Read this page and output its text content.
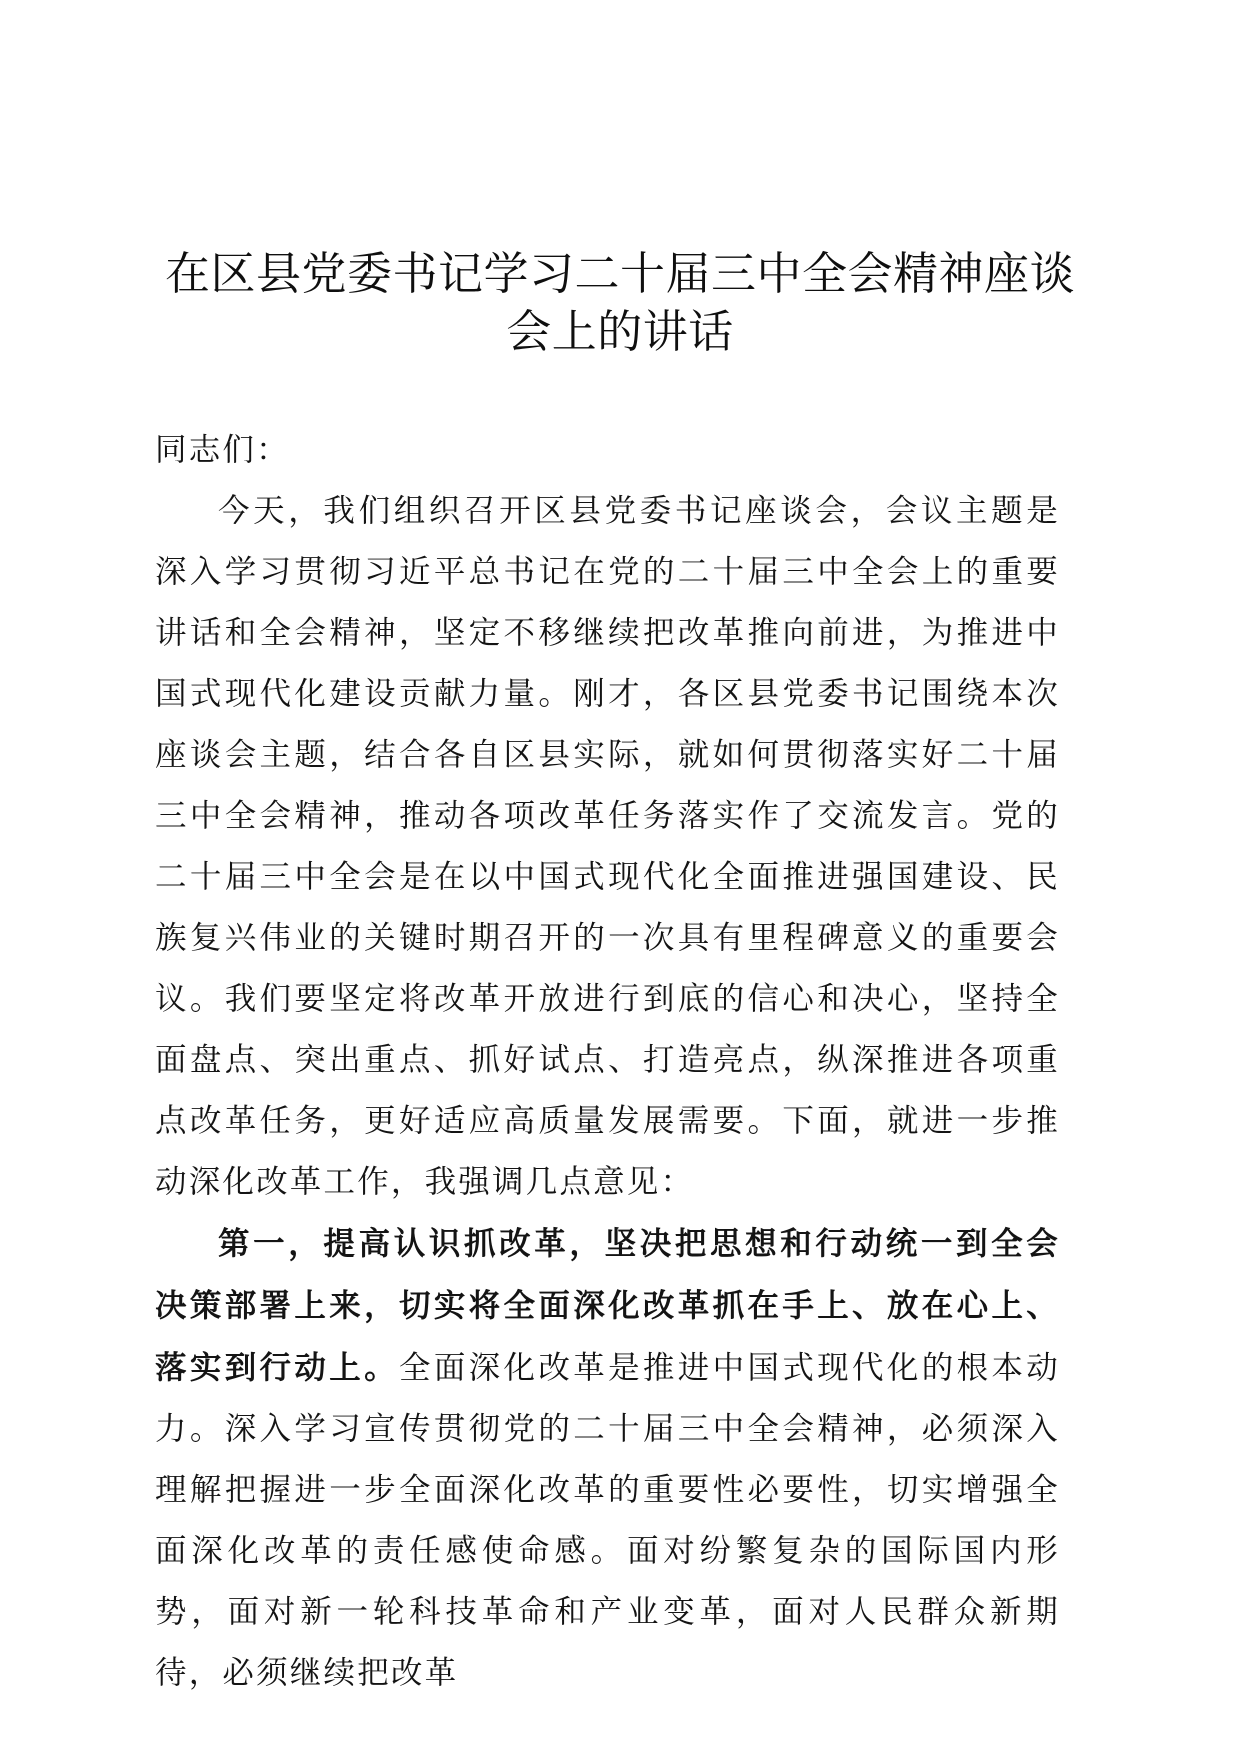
在区县党委书记学习二十届三中全会精神座谈
会上的讲话

同志们：

今天，我们组织召开区县党委书记座谈会，会议主题是深入学习贯彻习近平总书记在党的二十届三中全会上的重要讲话和全会精神，坚定不移继续把改革推向前进，为推进中国式现代化建设贡献力量。刚才，各区县党委书记围绕本次座谈会主题，结合各自区县实际，就如何贯彻落实好二十届三中全会精神，推动各项改革任务落实作了交流发言。党的二十届三中全会是在以中国式现代化全面推进强国建设、民族复兴伟业的关键时期召开的一次具有里程碑意义的重要会议。我们要坚定将改革开放进行到底的信心和决心，坚持全面盘点、突出重点、抓好试点、打造亮点，纵深推进各项重点改革任务，更好适应高质量发展需要。下面，就进一步推动深化改革工作，我强调几点意见：

第一，提高认识抓改革，坚决把思想和行动统一到全会决策部署上来，切实将全面深化改革抓在手上、放在心上、落实到行动上。全面深化改革是推进中国式现代化的根本动力。深入学习宣传贯彻党的二十届三中全会精神，必须深入理解把握进一步全面深化改革的重要性必要性，切实增强全面深化改革的责任感使命感。面对纷繁复杂的国际国内形势，面对新一轮科技革命和产业变革，面对人民群众新期待，必须继续把改革
